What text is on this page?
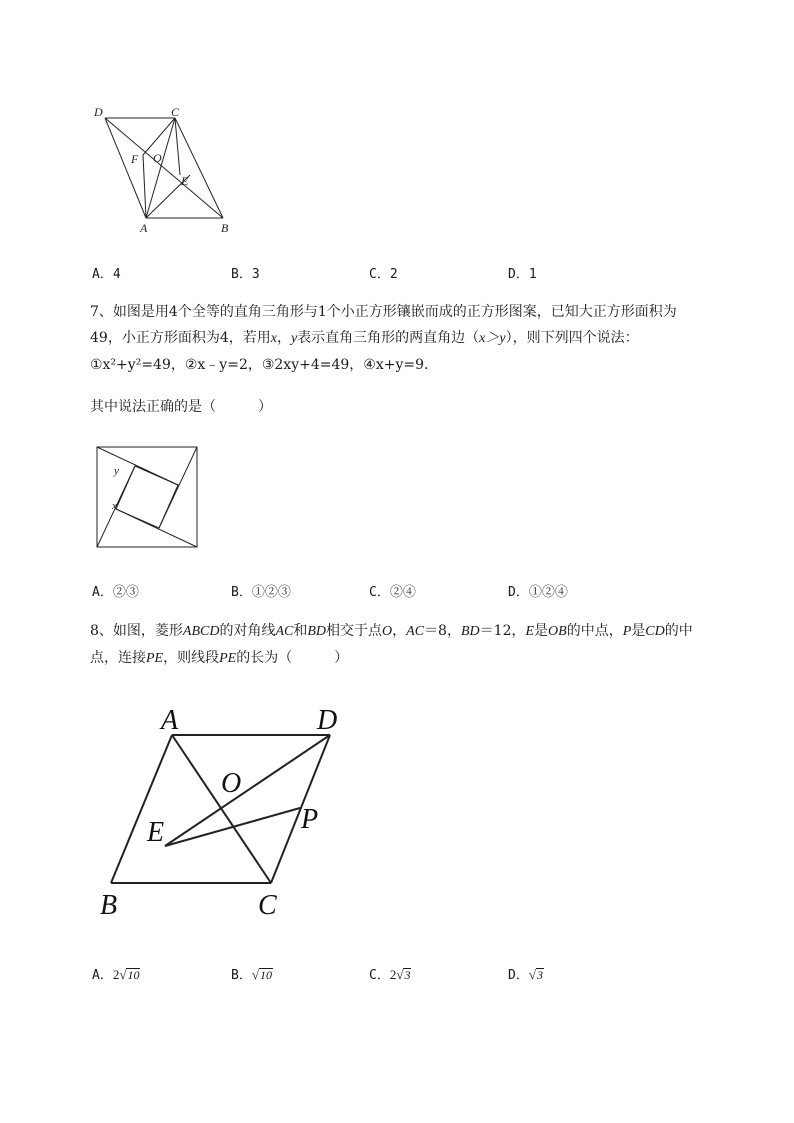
D	C
F O
E
A	B
A．4	B．3	C．2	D．1
7、如图是用4个全等的直角三角形与1个小正方形镶嵌而成的正方形图案，已知大正方形面积为
49，小正方形面积为4，若用x，y表示直角三角形的两直角边（x＞y），则下列四个说法：
①x²+y²=49，②x﹣y=2，③2xy+4=49，④x+y=9．
其中说法正确的是（　　　）
y
x
A．②③	B．①②③	C．②④	D．①②④
8、如图，菱形ABCD的对角线AC和BD相交于点O，AC＝8，BD＝12，E是OB的中点，P是CD的中
点，连接PE，则线段PE的长为（　　　）
A	D
O
P
E
B	C
A．2√10	B．√10	C．2√3	D．√3
